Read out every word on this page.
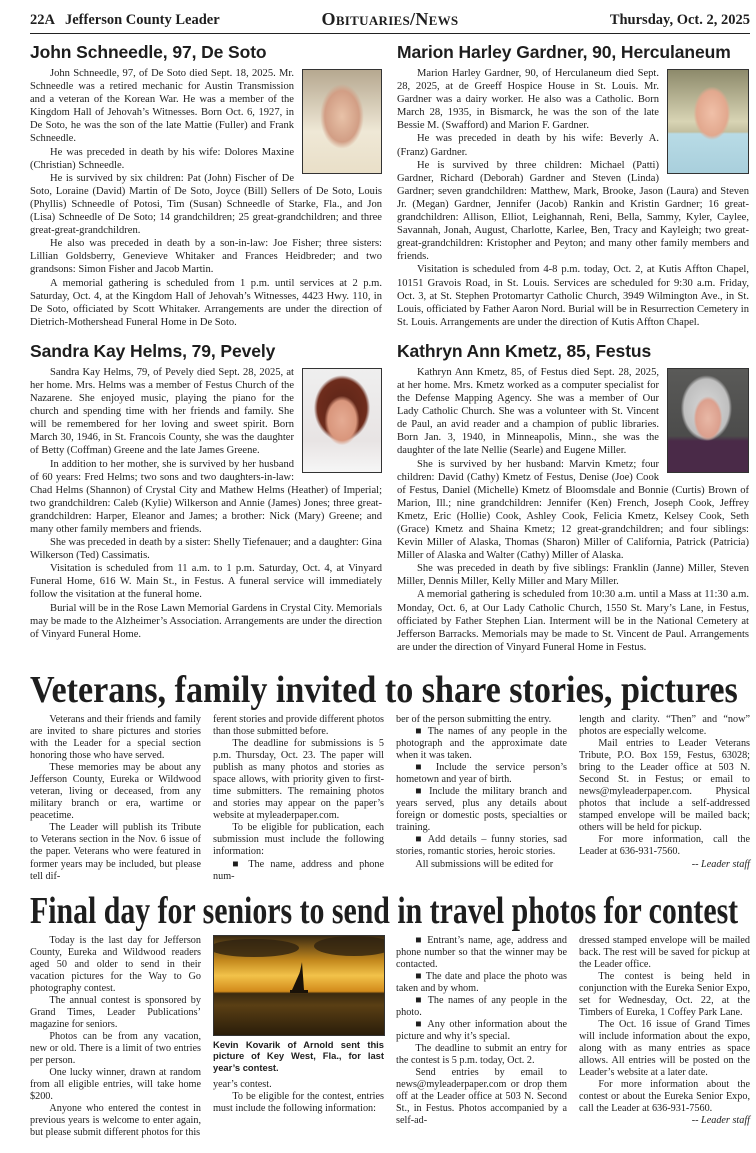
22A Jefferson County Leader	Obituaries/News	Thursday, Oct. 2, 2025
John Schneedle, 97, De Soto

John Schneedle, 97, of De Soto died Sept. 18, 2025. Mr. Schneedle was a retired mechanic for Austin Transmission and a veteran of the Korean War. He was a member of the Kingdom Hall of Jehovah’s Witnesses. Born Oct. 6, 1927, in De Soto, he was the son of the late Mattie (Fuller) and Frank Schneedle.

He was preceded in death by his wife: Dolores Maxine (Christian) Schneedle.

He is survived by six children: Pat (John) Fischer of De Soto, Loraine (David) Martin of De Soto, Joyce (Bill) Sellers of De Soto, Louis (Phyllis) Schneedle of Potosi, Tim (Susan) Schneedle of Starke, Fla., and Jon (Lisa) Schneedle of De Soto; 14 grandchildren; 25 great-grandchildren; and three great-great-grandchildren.

He also was preceded in death by a son-in-law: Joe Fisher; three sisters: Lillian Goldsberry, Genevieve Whitaker and Frances Heidbreder; and two grandsons: Simon Fisher and Jacob Martin.

A memorial gathering is scheduled from 1 p.m. until services at 2 p.m. Saturday, Oct. 4, at the Kingdom Hall of Jehovah’s Witnesses, 4423 Hwy. 110, in De Soto, officiated by Scott Whitaker. Arrangements are under the direction of Dietrich-Mothershead Funeral Home in De Soto.

Sandra Kay Helms, 79, Pevely

Sandra Kay Helms, 79, of Pevely died Sept. 28, 2025, at her home. Mrs. Helms was a member of Festus Church of the Nazarene. She enjoyed music, playing the piano for the church and spending time with her friends and family. She will be remembered for her loving and sweet spirit. Born March 30, 1946, in St. Francois County, she was the daughter of Betty (Coffman) Greene and the late James Greene.

In addition to her mother, she is survived by her husband of 60 years: Fred Helms; two sons and two daughters-in-law: Chad Helms (Shannon) of Crystal City and Mathew Helms (Heather) of Imperial; two grandchildren: Caleb (Kylie) Wilkerson and Annie (James) Jones; three great-grandchildren: Harper, Eleanor and James; a brother: Nick (Mary) Greene; and many other family members and friends.

She was preceded in death by a sister: Shelly Tiefenauer; and a daughter: Gina Wilkerson (Ted) Cassimatis.

Visitation is scheduled from 11 a.m. to 1 p.m. Saturday, Oct. 4, at Vinyard Funeral Home, 616 W. Main St., in Festus. A funeral service will immediately follow the visitation at the funeral home.

Burial will be in the Rose Lawn Memorial Gardens in Crystal City. Memorials may be made to the Alzheimer’s Association. Arrangements are under the direction of Vinyard Funeral Home.

Marion Harley Gardner, 90, Herculaneum

Marion Harley Gardner, 90, of Herculaneum died Sept. 28, 2025, at de Greeff Hospice House in St. Louis. Mr. Gardner was a dairy worker. He also was a Catholic. Born March 28, 1935, in Bismarck, he was the son of the late Bessie M. (Swafford) and Marion F. Gardner.

He was preceded in death by his wife: Beverly A. (Franz) Gardner.

He is survived by three children: Michael (Patti) Gardner, Richard (Deborah) Gardner and Steven (Linda) Gardner; seven grandchildren: Matthew, Mark, Brooke, Jason (Laura) and Steven Jr. (Megan) Gardner, Jennifer (Jacob) Rankin and Kristin Gardner; 16 great-grandchildren: Allison, Elliot, Leighannah, Reni, Bella, Sammy, Kyler, Caylee, Savannah, Jonah, August, Charlotte, Karlee, Ben, Tracy and Kayleigh; two great-great-grandchildren: Kristopher and Peyton; and many other family members and friends.

Visitation is scheduled from 4-8 p.m. today, Oct. 2, at Kutis Affton Chapel, 10151 Gravois Road, in St. Louis. Services are scheduled for 9:30 a.m. Friday, Oct. 3, at St. Stephen Protomartyr Catholic Church, 3949 Wilmington Ave., in St. Louis, officiated by Father Aaron Nord. Burial will be in Resurrection Cemetery in St. Louis. Arrangements are under the direction of Kutis Affton Chapel.

Kathryn Ann Kmetz, 85, Festus

Kathryn Ann Kmetz, 85, of Festus died Sept. 28, 2025, at her home. Mrs. Kmetz worked as a computer specialist for the Defense Mapping Agency. She was a member of Our Lady Catholic Church. She was a volunteer with St. Vincent de Paul, an avid reader and a champion of public libraries. Born Jan. 3, 1940, in Minneapolis, Minn., she was the daughter of the late Nellie (Searle) and Eugene Miller.

She is survived by her husband: Marvin Kmetz; four children: David (Cathy) Kmetz of Festus, Denise (Joe) Cook of Festus, Daniel (Michelle) Kmetz of Bloomsdale and Bonnie (Curtis) Brown of Marion, Ill.; nine grandchildren: Jennifer (Ken) French, Joseph Cook, Jeffrey Kmetz, Eric (Hollie) Cook, Ashley Cook, Felicia Kmetz, Kelsey Cook, Seth (Grace) Kmetz and Shaina Kmetz; 12 great-grandchildren; and four siblings: Kevin Miller of Alaska, Thomas (Sharon) Miller of California, Patrick (Patricia) Miller of Alaska and Walter (Cathy) Miller of Alaska.

She was preceded in death by five siblings: Franklin (Janne) Miller, Steven Miller, Dennis Miller, Kelly Miller and Mary Miller.

A memorial gathering is scheduled from 10:30 a.m. until a Mass at 11:30 a.m. Monday, Oct. 6, at Our Lady Catholic Church, 1550 St. Mary’s Lane, in Festus, officiated by Father Stephen Lian. Interment will be in the National Cemetery at Jefferson Barracks. Memorials may be made to St. Vincent de Paul. Arrangements are under the direction of Vinyard Funeral Home in Festus.

Veterans, family invited to share stories, pictures

Veterans and their friends and family are invited to share pictures and stories with the Leader for a special section honoring those who have served.

These memories may be about any Jefferson County, Eureka or Wildwood veteran, living or deceased, from any military branch or era, wartime or peacetime.

The Leader will publish its Tribute to Veterans section in the Nov. 6 issue of the paper. Veterans who were featured in former years may be included, but please tell dif-

ferent stories and provide different photos than those submitted before.

The deadline for submissions is 5 p.m. Thursday, Oct. 23. The paper will publish as many photos and stories as space allows, with priority given to first-time submitters. The remaining photos and stories may appear on the paper’s website at myleaderpaper.com.

To be eligible for publication, each submission must include the following information:

■ The name, address and phone num-

ber of the person submitting the entry.

■ The names of any people in the photograph and the approximate date when it was taken.

■ Include the service person’s hometown and year of birth.

■ Include the military branch and years served, plus any details about foreign or domestic posts, specialties or training.

■ Add details – funny stories, sad stories, romantic stories, heroic stories.

All submissions will be edited for

length and clarity. “Then” and “now” photos are especially welcome.

Mail entries to Leader Veterans Tribute, P.O. Box 159, Festus, 63028; bring to the Leader office at 503 N. Second St. in Festus; or email to news@myleaderpaper.com. Physical photos that include a self-addressed stamped envelope will be mailed back; others will be held for pickup.

For more information, call the Leader at 636-931-7560.

-- Leader staff
Final day for seniors to send in travel photos for contest

Today is the last day for Jefferson County, Eureka and Wildwood readers aged 50 and older to send in their vacation pictures for the Way to Go photography contest.

The annual contest is sponsored by Grand Times, Leader Publications’ magazine for seniors.

Photos can be from any vacation, new or old. There is a limit of two entries per person.

One lucky winner, drawn at random from all eligible entries, will take home $200.

Anyone who entered the contest in previous years is welcome to enter again, but please submit different photos for this

Kevin Kovarik of Arnold sent this picture of Key West, Fla., for last year’s contest.

year’s contest.

To be eligible for the contest, entries must include the following information:

■ Entrant’s name, age, address and phone number so that the winner may be contacted.

■ The date and place the photo was taken and by whom.

■ The names of any people in the photo.

■ Any other information about the picture and why it’s special.

The deadline to submit an entry for the contest is 5 p.m. today, Oct. 2.

Send entries by email to news@myleaderpaper.com or drop them off at the Leader office at 503 N. Second St., in Festus. Photos accompanied by a self-ad-

dressed stamped envelope will be mailed back. The rest will be saved for pickup at the Leader office.

The contest is being held in conjunction with the Eureka Senior Expo, set for Wednesday, Oct. 22, at the Timbers of Eureka, 1 Coffey Park Lane.

The Oct. 16 issue of Grand Times will include information about the expo, along with as many entries as space allows. All entries will be posted on the Leader’s website at a later date.

For more information about the contest or about the Eureka Senior Expo, call the Leader at 636-931-7560.

-- Leader staff
